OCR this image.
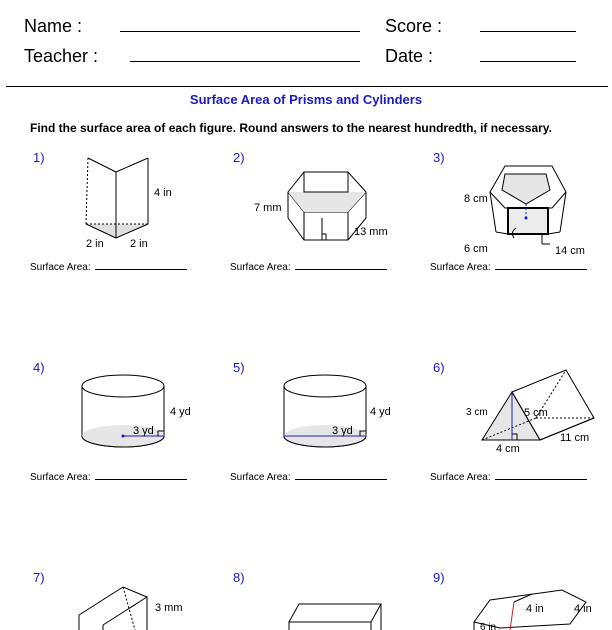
Name :	Score :
Teacher :	Date :
Surface Area of Prisms and Cylinders
Find the surface area of each figure. Round answers to the nearest hundredth, if necessary.
1)	2)	3)
4)	5)	6)
7)	8)	9)
Surface Area:	Surface Area:	Surface Area:
Surface Area:	Surface Area:	Surface Area:
4 in
2 in 2 in
7 mm
13 mm
8 cm
6 cm	14 cm
4 yd
3 yd
4 yd
3 yd
3 cm	5 cm
4 cm
11 cm
3 mm	4 in	4 in
6 in
